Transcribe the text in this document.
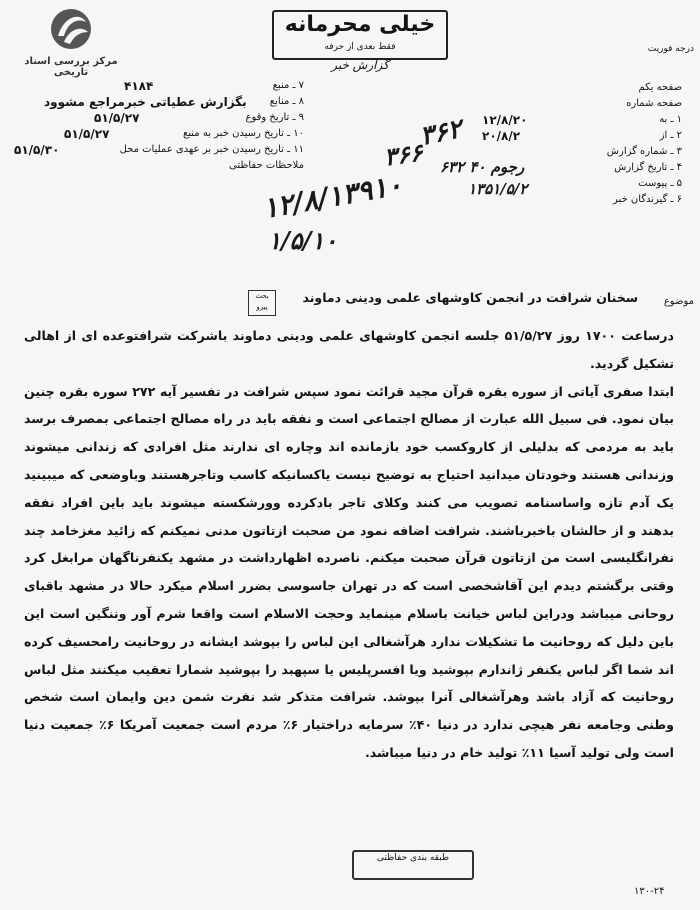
مرکز بررسی اسناد تاریخی
خیلی محرمانه
فقط بعدی از حرفه
گزارش خبر
درجه فوریت
صفحه یکم
صفحه شماره
۱ ـ به
۱۲/۸/۲۰
۲ ـ از
۲۰/۸/۲
۳ ـ شماره گزارش
۴ ـ تاریخ گزارش
۵ ـ پیوست
۶ ـ گیرندگان خبر
۷ ـ منبع
۴۱۸۴
۸ ـ منابع
بگزارش عطیاتی خبرمراجع مشوود
۹ ـ تاریخ وقوع
۵۱/۵/۲۷
۱۰ ـ تاریخ رسیدن خبر به منبع
۵۱/۵/۲۷
۱۱ ـ تاریخ رسیدن خبر بر عهدی عملیات محل
۵۱/۵/۳۰
ملاحظات حفاظتی
۳۶۲
۳۶۶ ۶۳۲ ۴۰ رجوم
۱۳۵۱/۵/۲
۱۲/۸/۱۳۹۱۰
۱/۵/۱۰
موضوع
سخنان شرافت در انجمن کاوشهای علمی ودینی دماوند
بحث پیرو

درساعت ۱۷۰۰ روز ۵۱/۵/۲۷ جلسه انجمن کاوشهای علمی ودینی دماوند باشرکت شرافتوعده ای از اهالی تشکیل گردید.

ابتدا صفری آیاتی از سوره بقره قرآن مجید قرائت نمود سپس شرافت در تفسیر آیه ۲۷۲ سوره بقره چنین بیان نمود. فی سبیل الله عبارت از مصالح اجتماعی است و نفقه باید در راه مصالح اجتماعی بمصرف برسد باید به مردمی که بدلیلی از کاروکسب خود بازمانده اند وچاره ای ندارند مثل افرادی که زندانی میشوند وزندانی هستند وخودتان میدانید احتیاج به توضیح نیست یاکسانیکه کاسب وتاجرهستند وباوضعی که میبینید یک آدم تازه واساسنامه تصویب می کنند وکلای تاجر بادکرده وورشکسته میشوند باید باین افراد نفقه بدهند و از حالشان باخبرباشند. شرافت اضافه نمود من صحبت ازتاتون مدنی نمیکنم که زائید مغزخامد چند نفرانگلیسی است من ازتاتون قرآن صحبت میکنم. ناصرده اظهارداشت در مشهد یکنفرناگهان مرابغل کرد وقتی برگشتم دیدم این آقاشخصی است که در تهران جاسوسی بضرر اسلام میکرد حالا در مشهد باقبای روحانی میباشد ودراین لباس خیانت باسلام مینماید وحجت الاسلام است واقعا شرم آور وننگین است این باین دلیل که روحانیت ما تشکیلات ندارد هرآشغالی این لباس را بپوشد ایشانه در روحانیت رامحسیف کرده اند شما اگر لباس یکنفر ژاندارم بپوشید ویا افسرپلیس یا سپهبد را بپوشید شمارا تعقیب میکنند مثل لباس روحانیت که آزاد باشد وهرآشغالی آنرا بپوشد. شرافت متذکر شد نفرت شمن دین وایمان است شخص وطنی وجامعه نفر هیچی ندارد در دنیا ۴۰٪ سرمایه دراختیار ۶٪ مردم است جمعیت آمریکا ۶٪ جمعیت دنیا است ولی تولید آسیا ۱۱٪ تولید خام در دنیا میباشد.

طبقه بندی حفاظتی
۱۳۰-۲۴
